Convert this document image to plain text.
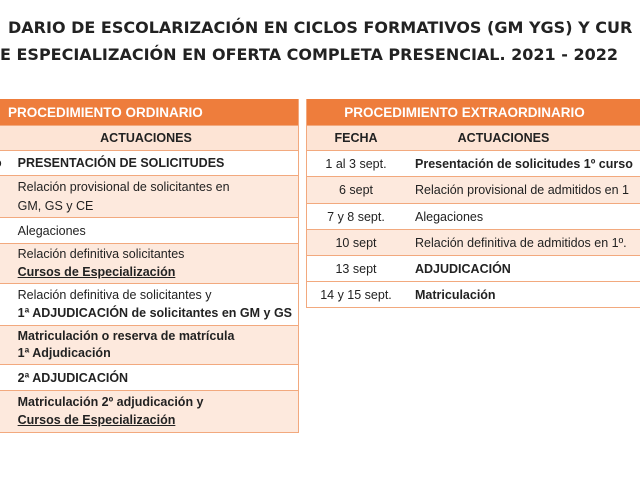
DARIO DE ESCOLARIZACIÓN EN CICLOS FORMATIVOS (GM YGS) Y CUR
E ESPECIALIZACIÓN EN OFERTA COMPLETA PRESENCIAL. 2021 - 2022
PROCEDIMIENTO ORDINARIO	
ACTUACIONES	
	PRESENTACIÓN DE SOLICITUDES

	Relación provisional de solicitantes en
GM, GS y CE

	Alegaciones

	Relación definitiva solicitantes
Cursos de Especialización

	Relación definitiva de solicitantes y
1ª ADJUDICACIÓN de solicitantes en GM y GS

	Matriculación o reserva de matrícula
1ª Adjudicación

	2ª ADJUDICACIÓN

	Matriculación 2º adjudicación y
Cursos de Especialización
PROCEDIMIENTO EXTRAORDINARIO	
FECHA	ACTUACIONES
1 al 3 sept.	Presentación de solicitudes 1º curso
6 sept	Relación provisional de admitidos en 1
7 y 8 sept.	Alegaciones
10 sept	Relación definitiva de admitidos en 1º.
13 sept	ADJUDICACIÓN
14 y 15 sept.	Matriculación
